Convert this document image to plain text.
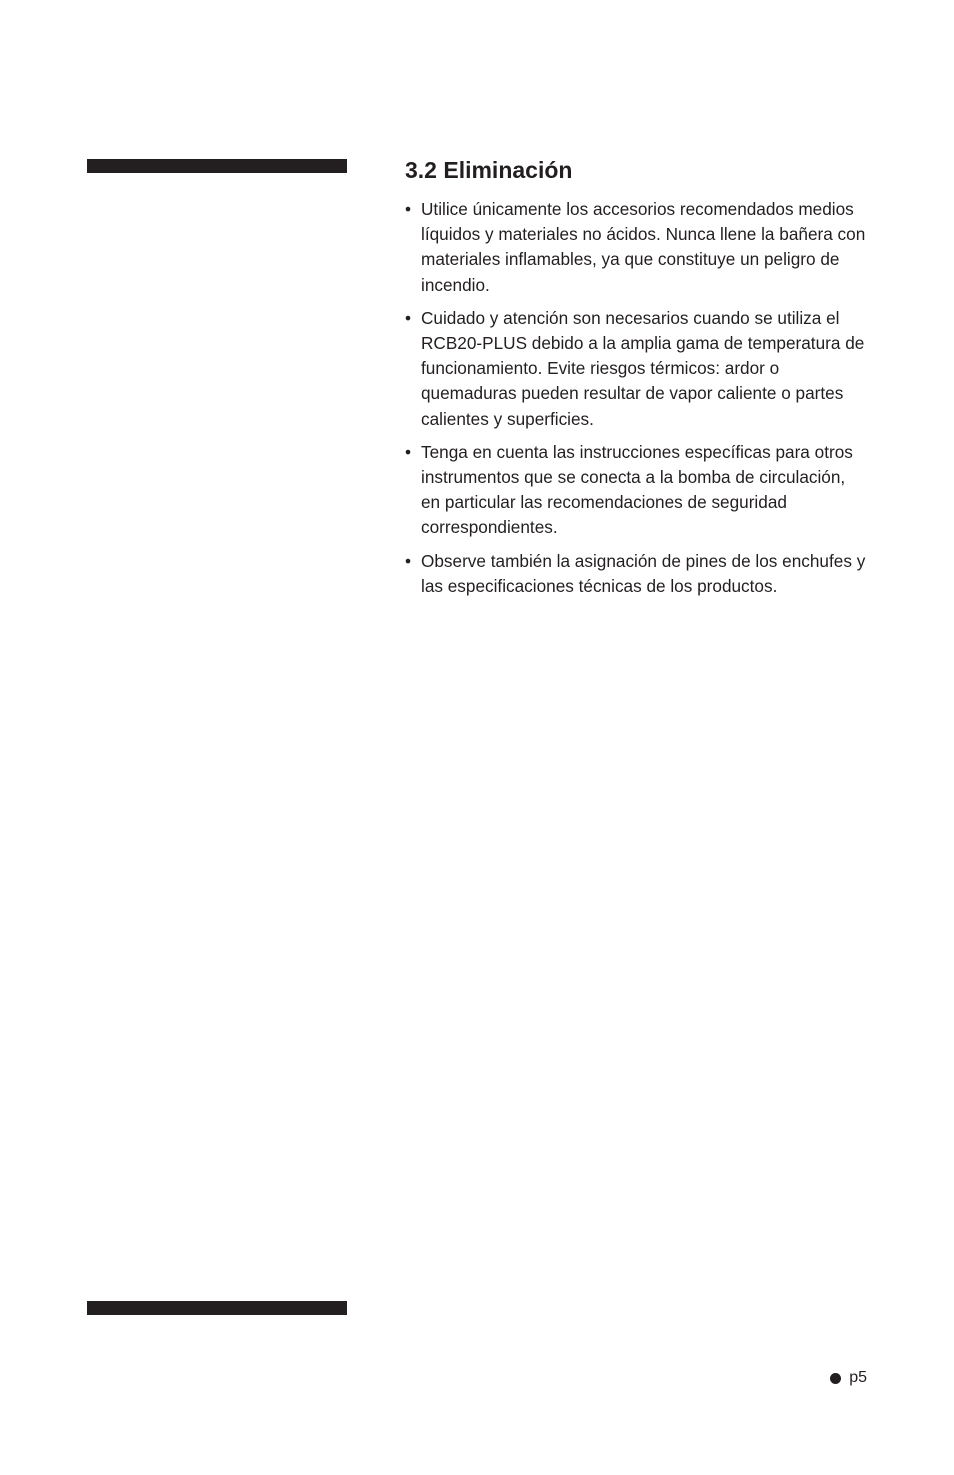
3.2 Eliminación
• Utilice únicamente los accesorios recomendados medios líquidos y materiales no ácidos. Nunca llene la bañera con materiales inflamables, ya que constituye un peligro de incendio.
• Cuidado y atención son necesarios cuando se utiliza el RCB20-PLUS debido a la amplia gama de temperatura de funcionamiento. Evite riesgos térmicos: ardor o quemaduras pueden resultar de vapor caliente o partes calientes y superficies.
• Tenga en cuenta las instrucciones específicas para otros instrumentos que se conecta a la bomba de circulación, en particular las recomendaciones de seguridad correspondientes.
• Observe también la asignación de pines de los enchufes y las especificaciones técnicas de los productos.
p5
